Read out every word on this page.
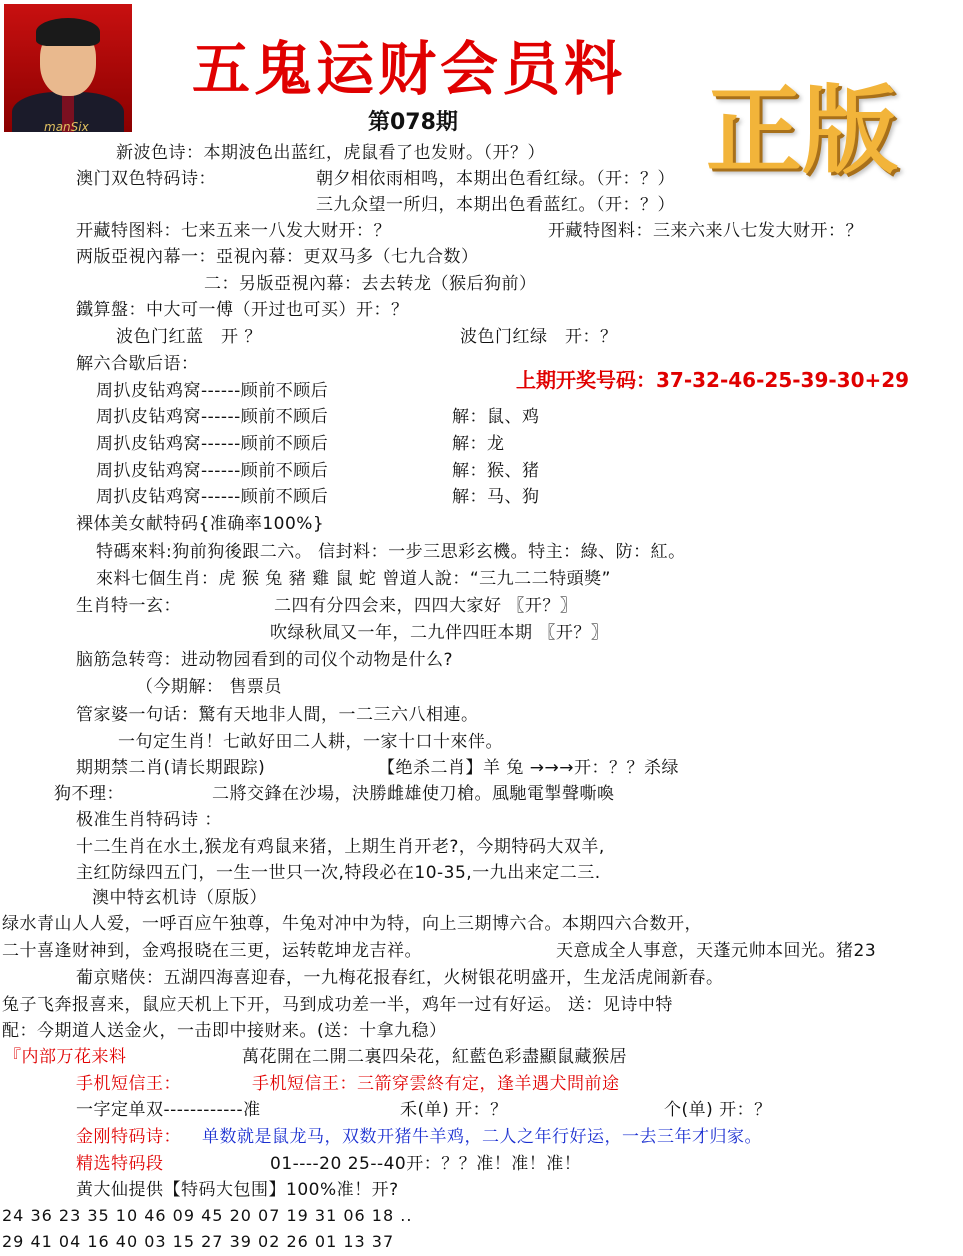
manSix
五鬼运财会员料
第078期	正版
上期开奖号码：37-32-46-25-39-30+29
新波色诗：本期波色出蓝红，虎鼠看了也发财。（开？）
澳门双色特码诗：	朝夕相依雨相鸣，本期出色看红绿。（开：？）
三九众望一所归，本期出色看蓝红。（开：？）
开藏特图料：七来五来一八发大财开：？	开藏特图料：三来六来八七发大财开：？
两版亞視內幕一：亞視內幕：更双马多（七九合数）
二：另版亞視內幕：去去转龙（猴后狗前）
鐵算盤：中大可一傅（开过也可买）开：？
波色门红蓝　开 ？	波色门红绿　开：？
解六合歇后语：
周扒皮钻鸡窝------顾前不顾后
周扒皮钻鸡窝------顾前不顾后	解：鼠、鸡
周扒皮钻鸡窝------顾前不顾后	解：龙
周扒皮钻鸡窝------顾前不顾后	解：猴、猪
周扒皮钻鸡窝------顾前不顾后	解：马、狗
裸体美女献特码{准确率100%}
特碼來料:狗前狗後跟二六。 信封料：一步三思彩玄機。特主：綠、防：紅。
來料七個生肖：虎 猴 兔 豬 雞 鼠 蛇 曾道人說：“三九二二特頭獎”
生肖特一玄：	二四有分四会来，四四大家好 〖开？〗
吹绿秋凬又一年，二九伴四旺本期 〖开？〗
脑筋急转弯：进动物园看到的司仪个动物是什么?
（今期解： 售票员
管家婆一句话：驚有天地非人間，一二三六八相連。
一句定生肖！七畝好田二人耕，一家十口十來伴。
期期禁二肖(请长期跟踪)	【绝杀二肖】羊 兔 →→→开：？？杀绿
狗不理：	二將交鋒在沙場，決勝雌雄使刀槍。風馳電掣聲嘶喚
极准生肖特码诗 ：
十二生肖在水土,猴龙有鸡鼠来猪，上期生肖开老?，今期特码大双羊,
主红防绿四五门，一生一世只一次,特段必在10-35,一九出来定二三.
澳中特玄机诗（原版）
绿水青山人人爱，一呼百应午独尊，牛兔对冲中为特，向上三期博六合。本期四六合数开，
二十喜逢财神到，金鸡报晓在三更，运转乾坤龙吉祥。	天意成全人事意，天蓬元帅本回光。猪23
葡京赌侠：五湖四海喜迎春，一九梅花报春红，火树银花明盛开，生龙活虎闹新春。
兔子飞奔报喜来，鼠应天机上下开，马到成功差一半，鸡年一过有好运。 送：见诗中特
配：今期道人送金火，一击即中接财来。(送：十拿九稳）
『内部万花来料	萬花開在二開二裏四朵花，紅藍色彩盡顯鼠藏猴居
手机短信王：	手机短信王：三箭穿雲終有定，逢羊遇犬問前途
一字定单双------------准	禾(单) 开：？	个(单) 开：？
金刚特码诗： 单数就是鼠龙马，双数开猪牛羊鸡，二人之年行好运，一去三年才归家。
精选特码段	01----20 25--40开：？？准！准！准！
黄大仙提供【特码大包围】100%准！开?
24 36 23 35 10 46 09 45 20 07 19 31 06 18 ..
29 41 04 16 40 03 15 27 39 02 26 01 13 37
